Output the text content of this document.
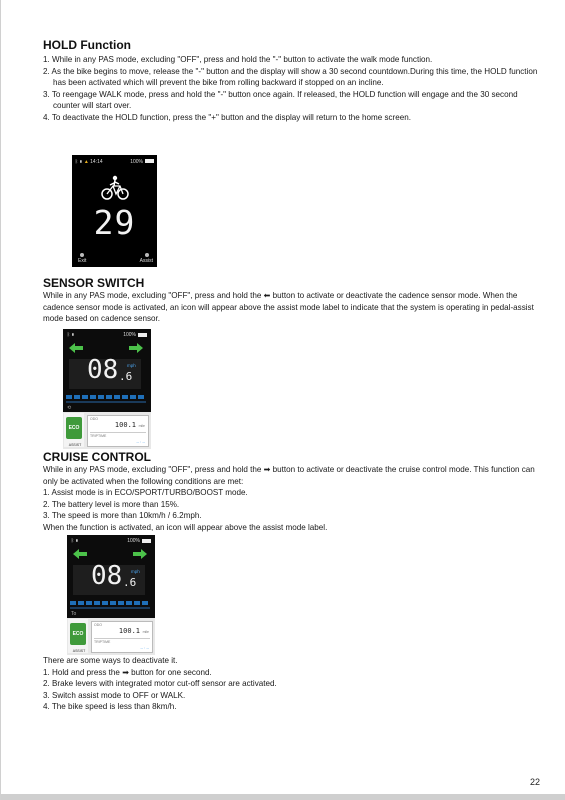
HOLD Function
1. While in any PAS mode, excluding "OFF", press and hold the "-" button to activate the walk mode function.
2. As the bike begins to move, release the "-" button and the display will show a 30 second countdown.During this time, the HOLD function has been activated which will prevent the bike from rolling backward if stopped on an incline.
3. To reengage WALK mode, press and hold the "-" button once again. If released, the HOLD function will engage and the 30 second counter will start over.
4. To deactivate the HOLD function, press the "+" button and the display will return to the home screen.
ᛒ ▮ ▲ 14:14	100%
29
Exit	Assist
SENSOR SWITCH

While in any PAS mode, excluding "OFF", press and hold the ⬅ button to activate or deactivate the cadence sensor mode. When the cadence sensor mode is activated, an icon will appear above the assist mode label to indicate that the system is operating in pedal-assist mode based on cadence sensor.

ᛒ ▮	100%
08 .6
mph
⟲
ECO
ASSIST
ODO
100.1 mile
TRIPTIME
-- : --
CRUISE CONTROL

While in any PAS mode, excluding "OFF", press and hold the ➡ button to activate or deactivate the cruise control mode. This function can only be activated when the following conditions are met:

1. Assist mode is in ECO/SPORT/TURBO/BOOST mode.

2. The battery level is more than 15%.

3. The speed is more than 10km/h / 6.2mph.

When the function is activated, an icon will appear above the assist mode label.

ᛒ ▮	100%
08 .6
mph
To
ECO
ASSIST
ODO
100.1 mile
TRIPTIME
-- : --

There are some ways to deactivate it.

1. Hold and press the ➡ button for one second.

2. Brake levers with integrated motor cut-off sensor are activated.

3. Switch assist mode to OFF or WALK.

4. The bike speed is less than 8km/h.

22
